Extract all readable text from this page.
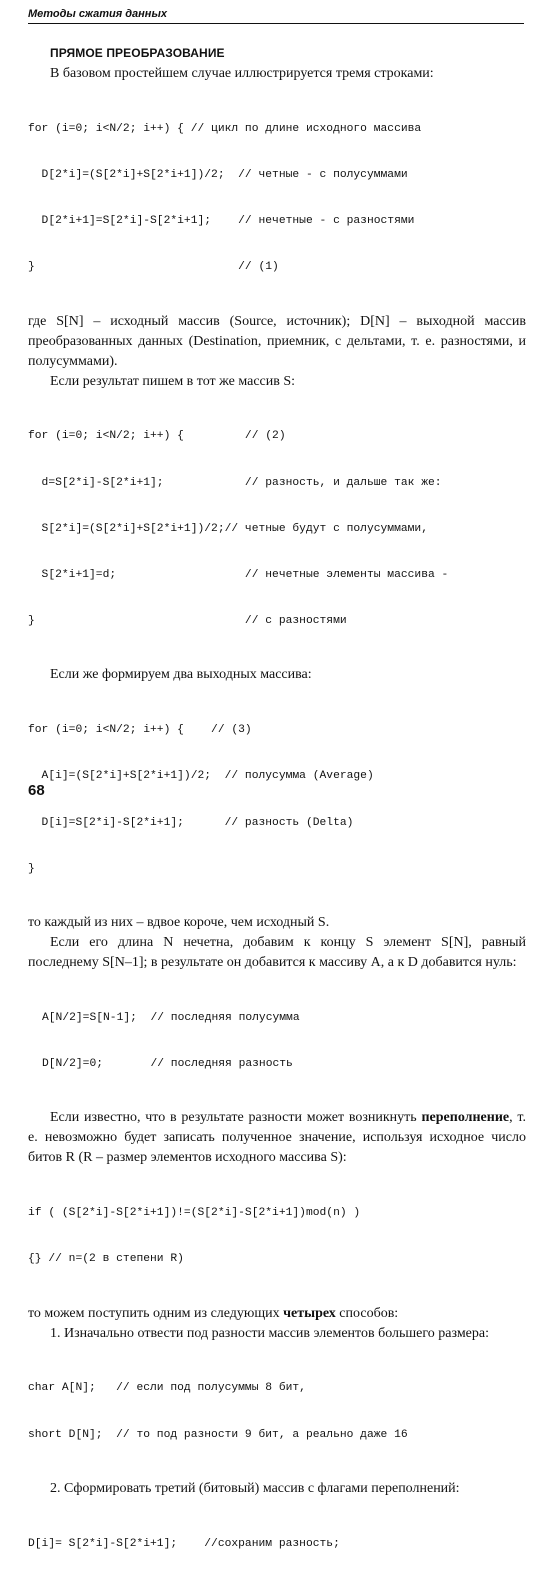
Методы сжатия данных
ПРЯМОЕ ПРЕОБРАЗОВАНИЕ

В базовом простейшем случае иллюстрируется тремя строками:

for (i=0; i<N/2; i++) { // цикл по длине исходного массива

D[2*i]=(S[2*i]+S[2*i+1])/2;  // четные - с полусуммами

D[2*i+1]=S[2*i]-S[2*i+1];    // нечетные - с разностями

}                              // (1)

где S[N] – исходный массив (Source, источник); D[N] – выходной массив преобразованных данных (Destination, приемник, с дельтами, т. е. разностями, и полусуммами).

Если результат пишем в тот же массив S:

for (i=0; i<N/2; i++) {         // (2)

d=S[2*i]-S[2*i+1];            // разность, и дальше так же:

S[2*i]=(S[2*i]+S[2*i+1])/2;// четные будут с полусуммами,

S[2*i+1]=d;                   // нечетные элементы массива -

}                               // с разностями

Если же формируем два выходных массива:

for (i=0; i<N/2; i++) {    // (3)

A[i]=(S[2*i]+S[2*i+1])/2;  // полусумма (Average)

D[i]=S[2*i]-S[2*i+1];      // разность (Delta)

}

то каждый из них – вдвое короче, чем исходный S.

Если его длина N нечетна, добавим к концу S элемент S[N], равный последнему S[N–1]; в результате он добавится к массиву А, а к D добавится нуль:

A[N/2]=S[N-1];  // последняя полусумма

D[N/2]=0;       // последняя разность

Если известно, что в результате разности может возникнуть переполнение, т. е. невозможно будет записать полученное значение, используя исходное число битов R (R – размер элементов исходного массива S):

if ( (S[2*i]-S[2*i+1])!=(S[2*i]-S[2*i+1])mod(n) )

{} // n=(2 в степени R)

то можем поступить одним из следующих четырех способов:

1. Изначально отвести под разности массив элементов большего размера:

char A[N];   // если под полусуммы 8 бит,

short D[N];  // то под разности 9 бит, а реально даже 16

2. Сформировать третий (битовый) массив с флагами переполнений:

D[i]= S[2*i]-S[2*i+1];    //сохраним разность;

68
